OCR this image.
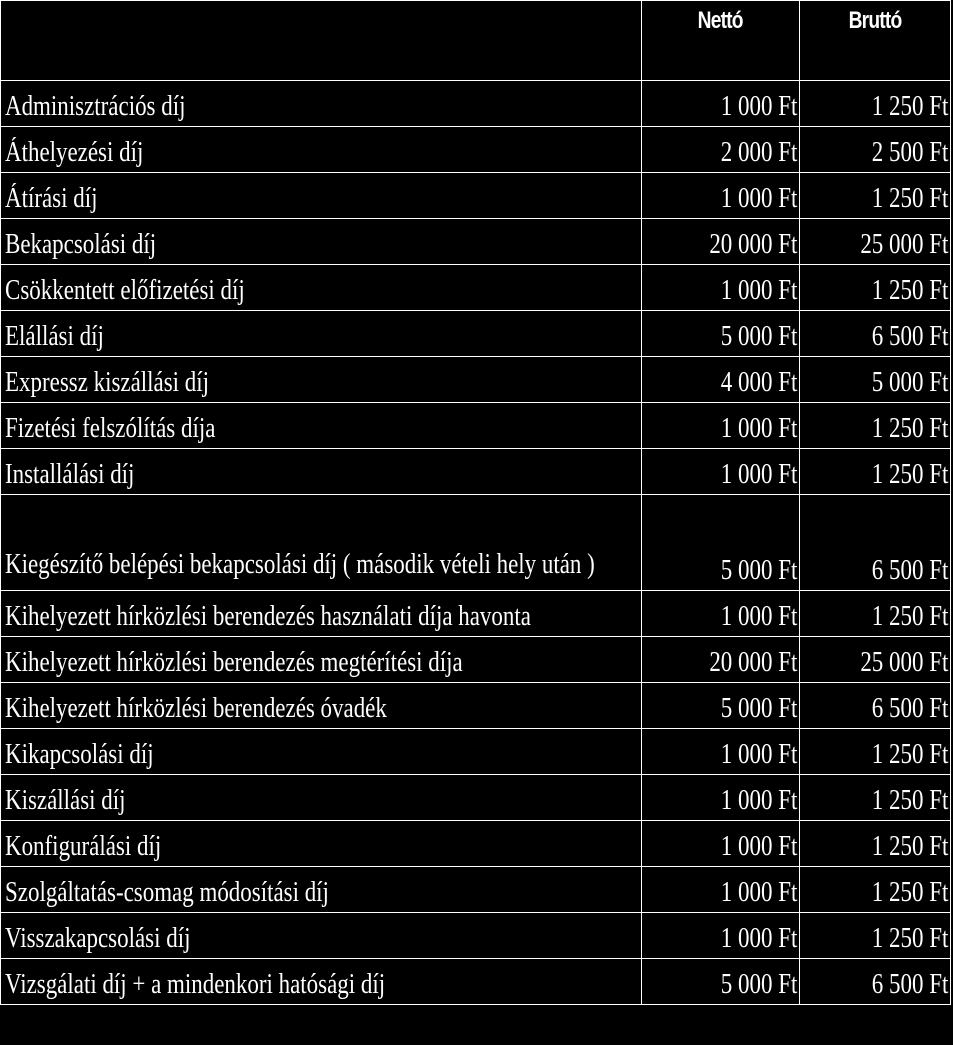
	Nettó	Bruttó
Adminisztrációs díj	1 000 Ft	1 250 Ft
Áthelyezési díj	2 000 Ft	2 500 Ft
Átírási díj	1 000 Ft	1 250 Ft
Bekapcsolási díj	20 000 Ft	25 000 Ft
Csökkentett előfizetési díj	1 000 Ft	1 250 Ft
Elállási díj	5 000 Ft	6 500 Ft
Expressz kiszállási díj	4 000 Ft	5 000 Ft
Fizetési felszólítás díja	1 000 Ft	1 250 Ft
Installálási díj	1 000 Ft	1 250 Ft

Kiegészítő belépési bekapcsolási díj ( második vételi hely után )	5 000 Ft	6 500 Ft
Kihelyezett hírközlési berendezés használati díja havonta	1 000 Ft	1 250 Ft
Kihelyezett hírközlési berendezés megtérítési díja	20 000 Ft	25 000 Ft
Kihelyezett hírközlési berendezés óvadék	5 000 Ft	6 500 Ft
Kikapcsolási díj	1 000 Ft	1 250 Ft
Kiszállási díj	1 000 Ft	1 250 Ft
Konfigurálási díj	1 000 Ft	1 250 Ft
Szolgáltatás-csomag módosítási díj	1 000 Ft	1 250 Ft
Visszakapcsolási díj	1 000 Ft	1 250 Ft
Vizsgálati díj + a mindenkori hatósági díj	5 000 Ft	6 500 Ft
